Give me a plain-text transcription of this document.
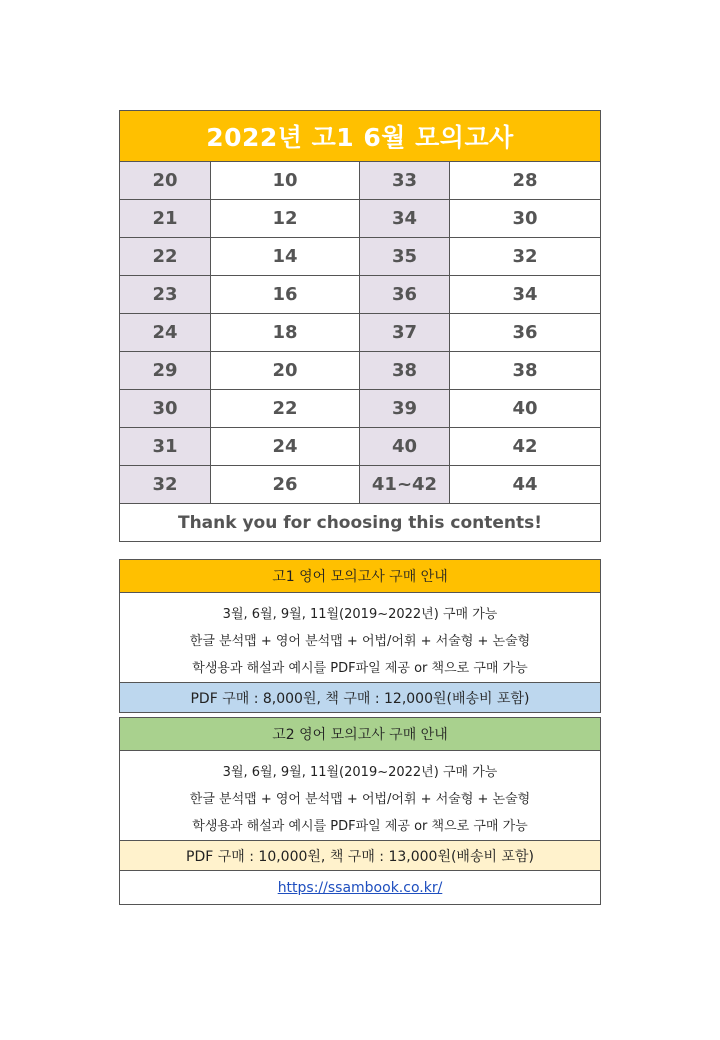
2022년 고1 6월 모의고사
20	10	33	28
21	12	34	30
22	14	35	32
23	16	36	34
24	18	37	36
29	20	38	38
30	22	39	40
31	24	40	42
32	26	41~42	44
Thank you for choosing this contents!
고1 영어 모의고사 구매 안내
3월, 6월, 9월, 11월(2019~2022년) 구매 가능
한글 분석맵 + 영어 분석맵 + 어법/어휘 + 서술형 + 논술형
학생용과 해설과 예시를 PDF파일 제공 or 책으로 구매 가능
PDF 구매 : 8,000원, 책 구매 : 12,000원(배송비 포함)
고2 영어 모의고사 구매 안내
3월, 6월, 9월, 11월(2019~2022년) 구매 가능
한글 분석맵 + 영어 분석맵 + 어법/어휘 + 서술형 + 논술형
학생용과 해설과 예시를 PDF파일 제공 or 책으로 구매 가능
PDF 구매 : 10,000원, 책 구매 : 13,000원(배송비 포함)
https://ssambook.co.kr/
